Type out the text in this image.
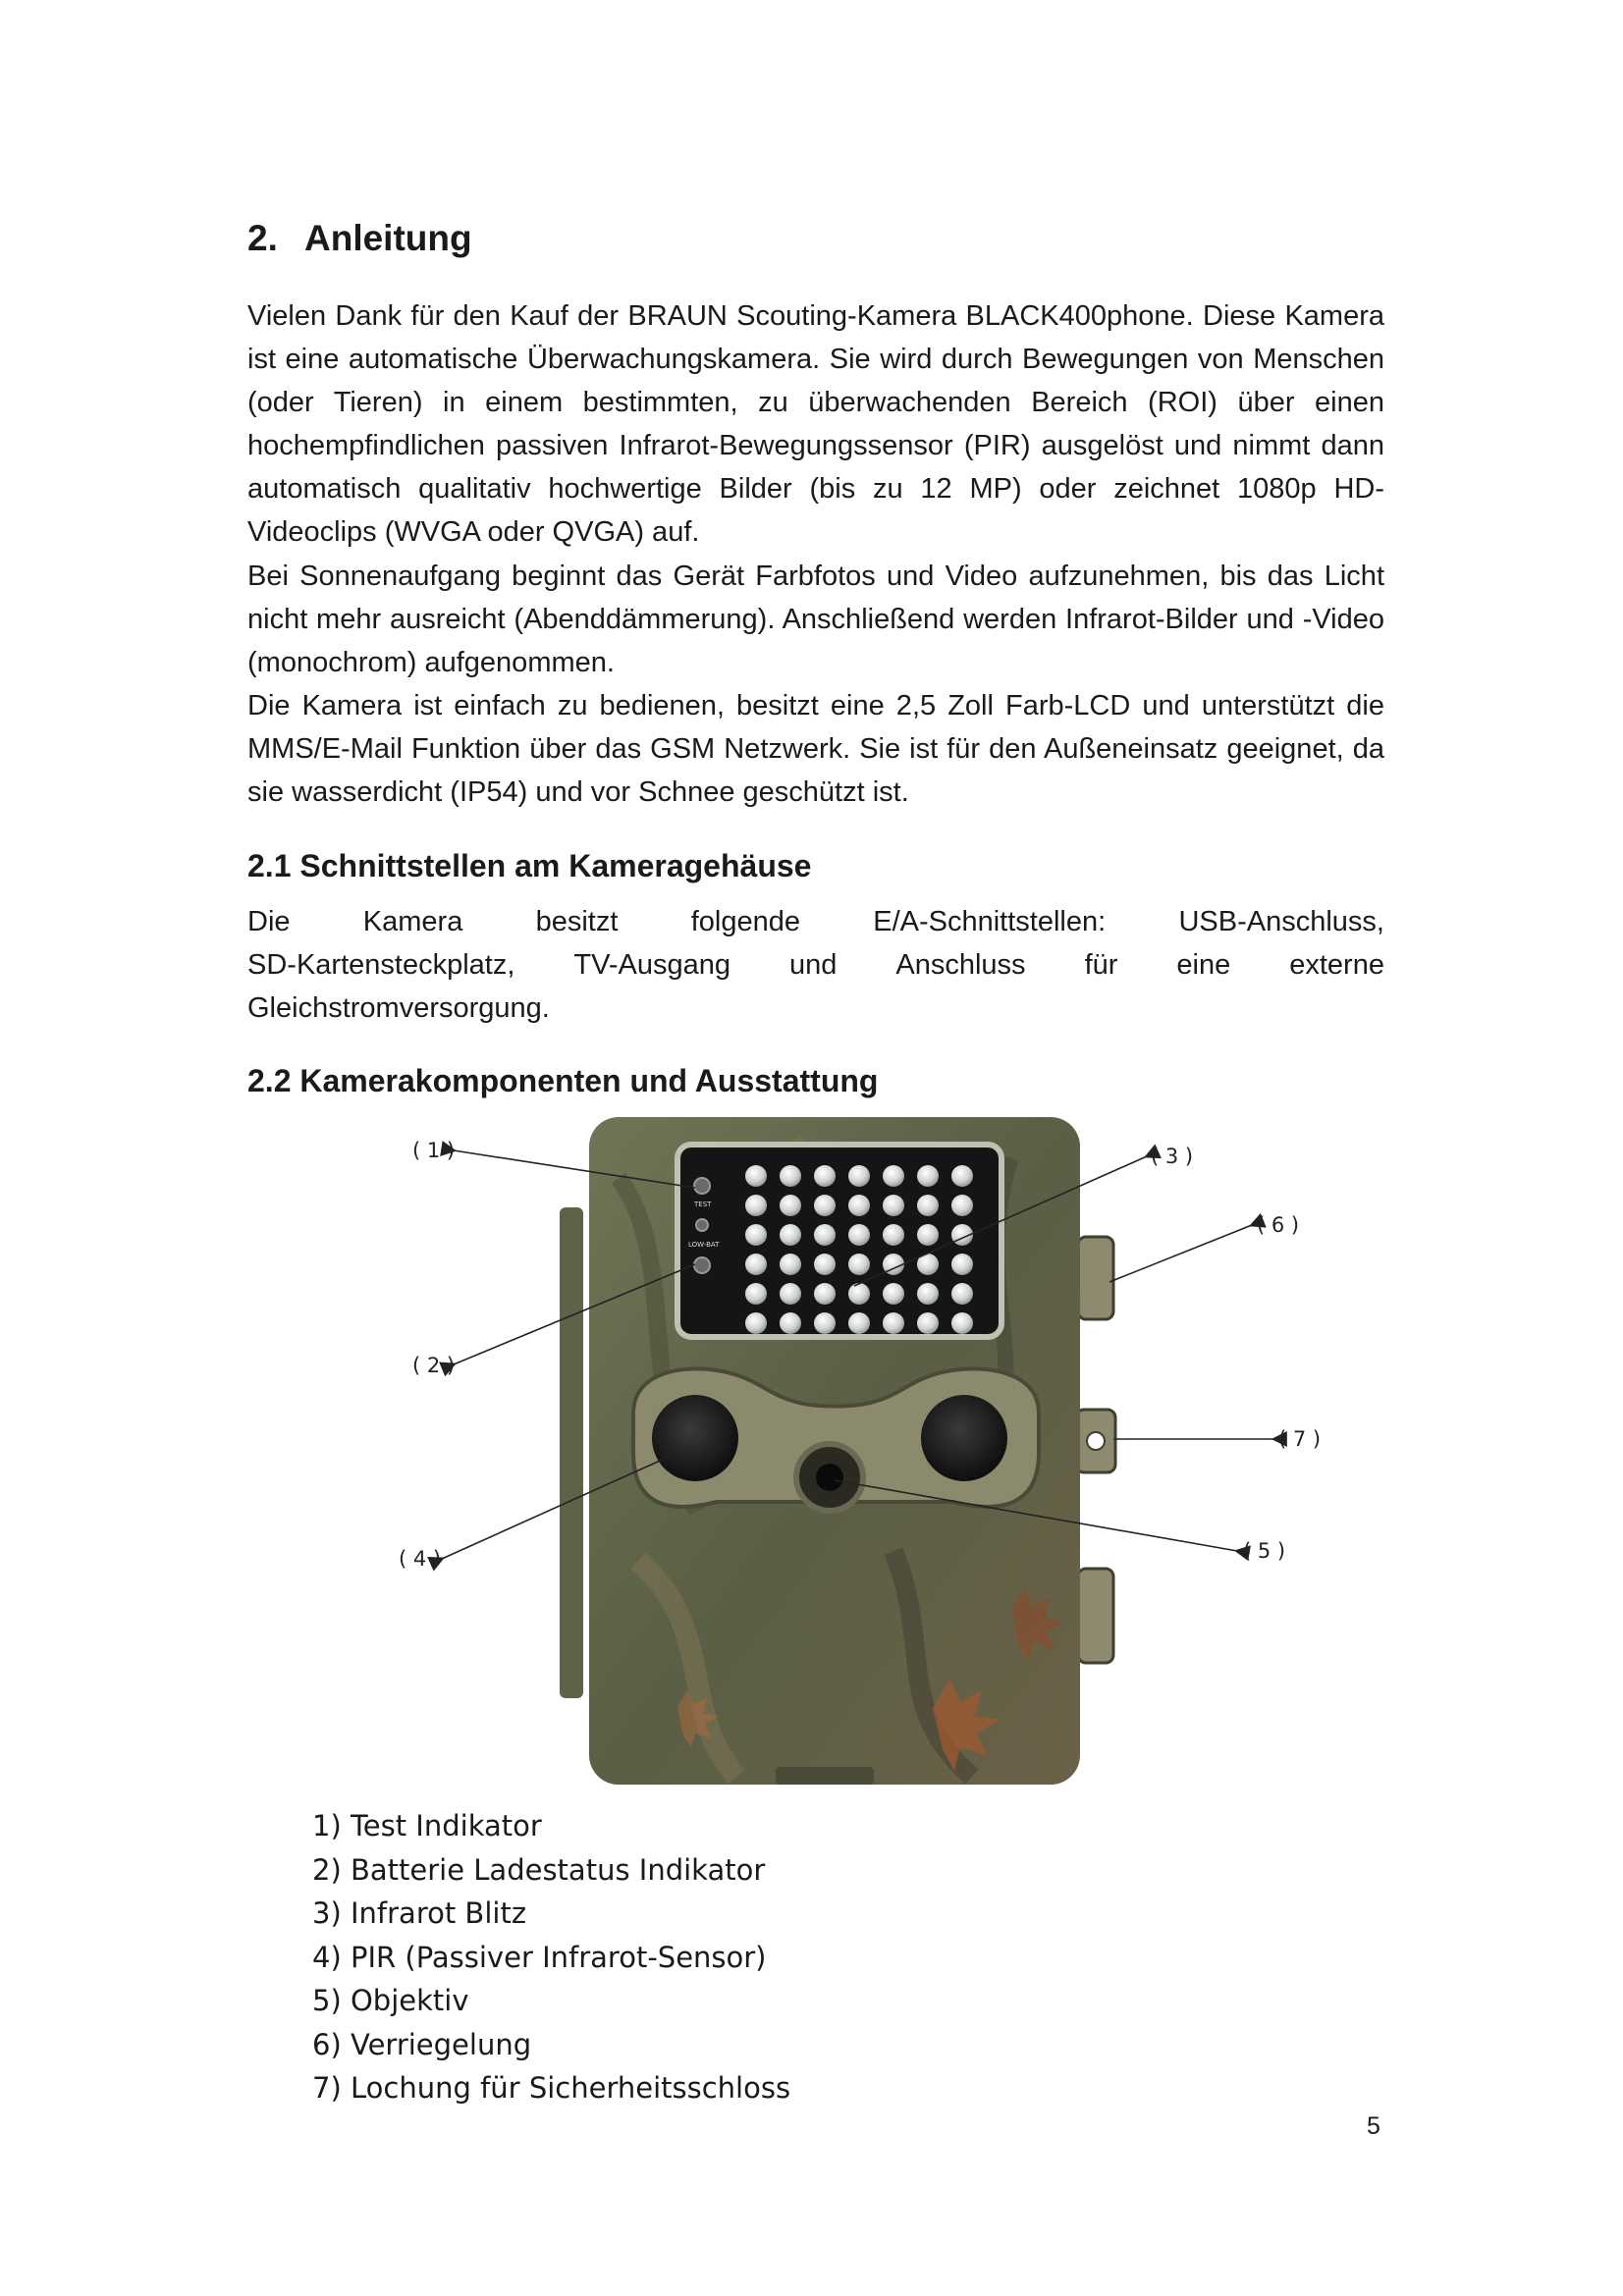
2. Anleitung

Vielen Dank für den Kauf der BRAUN Scouting-Kamera BLACK400phone. Diese Kamera ist eine automatische Überwachungskamera. Sie wird durch Bewegungen von Menschen (oder Tieren) in einem bestimmten, zu überwachenden Bereich (ROI) über einen hochempfindlichen passiven Infrarot-Bewegungssensor (PIR) ausgelöst und nimmt dann automatisch qualitativ hochwertige Bilder (bis zu 12 MP) oder zeichnet 1080p HD-Videoclips (WVGA oder QVGA) auf.

Bei Sonnenaufgang beginnt das Gerät Farbfotos und Video aufzunehmen, bis das Licht nicht mehr ausreicht (Abenddämmerung). Anschließend werden Infrarot-Bilder und -Video (monochrom) aufgenommen.

Die Kamera ist einfach zu bedienen, besitzt eine 2,5 Zoll Farb-LCD und unterstützt die MMS/E-Mail Funktion über das GSM Netzwerk. Sie ist für den Außeneinsatz geeignet, da sie wasserdicht (IP54) und vor Schnee geschützt ist.

2.1 Schnittstellen am Kameragehäuse
Die	Kamera	besitzt	folgende	E/A-Schnittstellen:	USB-Anschluss,
SD-Kartensteckplatz, TV-Ausgang und Anschluss für eine externe
Gleichstromversorgung.
2.2 Kamerakomponenten und Ausstattung
TEST
LOW-BAT
( 1 )
( 2 )
( 3 )
( 4 )	( 5 )
( 6 )
( 7 )
1) Test Indikator
2) Batterie Ladestatus Indikator
3) Infrarot Blitz
4) PIR (Passiver Infrarot-Sensor)
5) Objektiv
6) Verriegelung
7) Lochung für Sicherheitsschloss
5
